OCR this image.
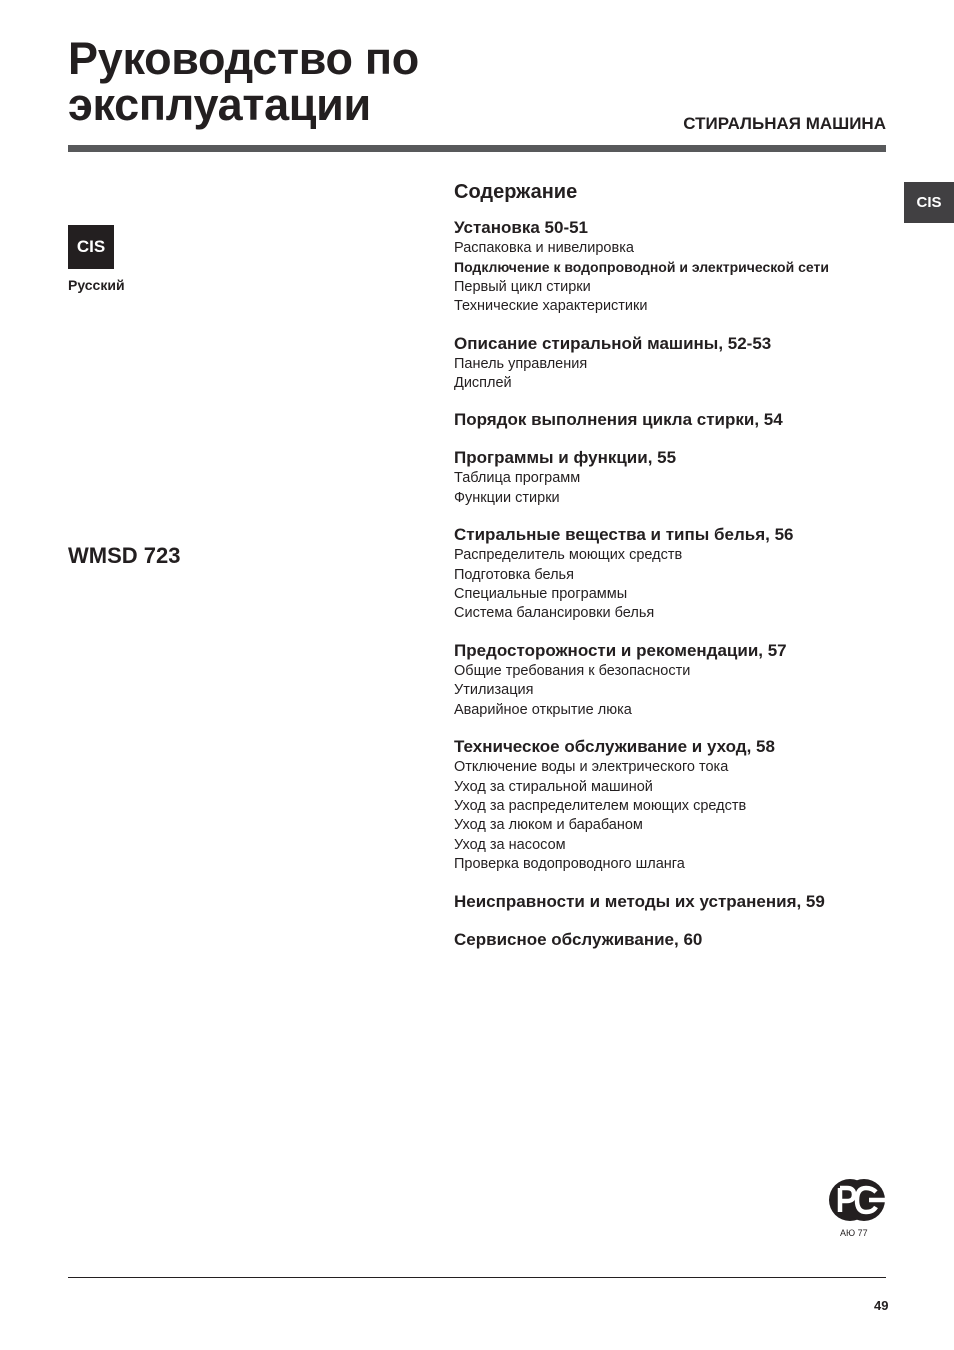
Руководство по
эксплуатации	СТИРАЛЬНАЯ МАШИНА
CIS
CIS
Русский
WMSD 723
Содержание
Установка 50-51
Распаковка и нивелировка
Подключение к водопроводной и электрической сети
Первый цикл стирки
Технические характеристики
Описание стиральной машины, 52-53
Панель управления
Дисплей
Порядок выполнения цикла стирки, 54
Программы и функции, 55
Таблица программ
Функции стирки
Стиральные вещества и типы белья, 56
Распределитель моющих средств
Подготовка белья
Специальные программы
Система балансировки белья
Предосторожности и рекомендации, 57
Общие требования к безопасности
Утилизация
Аварийное открытие люка
Техническое обслуживание и уход, 58
Отключение воды и электрического тока
Уход за стиральной машиной
Уход за распределителем моющих средств
Уход за люком и барабаном
Уход за насосом
Проверка водопроводного шланга
Неисправности и методы их устранения, 59
Сервисное обслуживание, 60
АЮ 77
49
